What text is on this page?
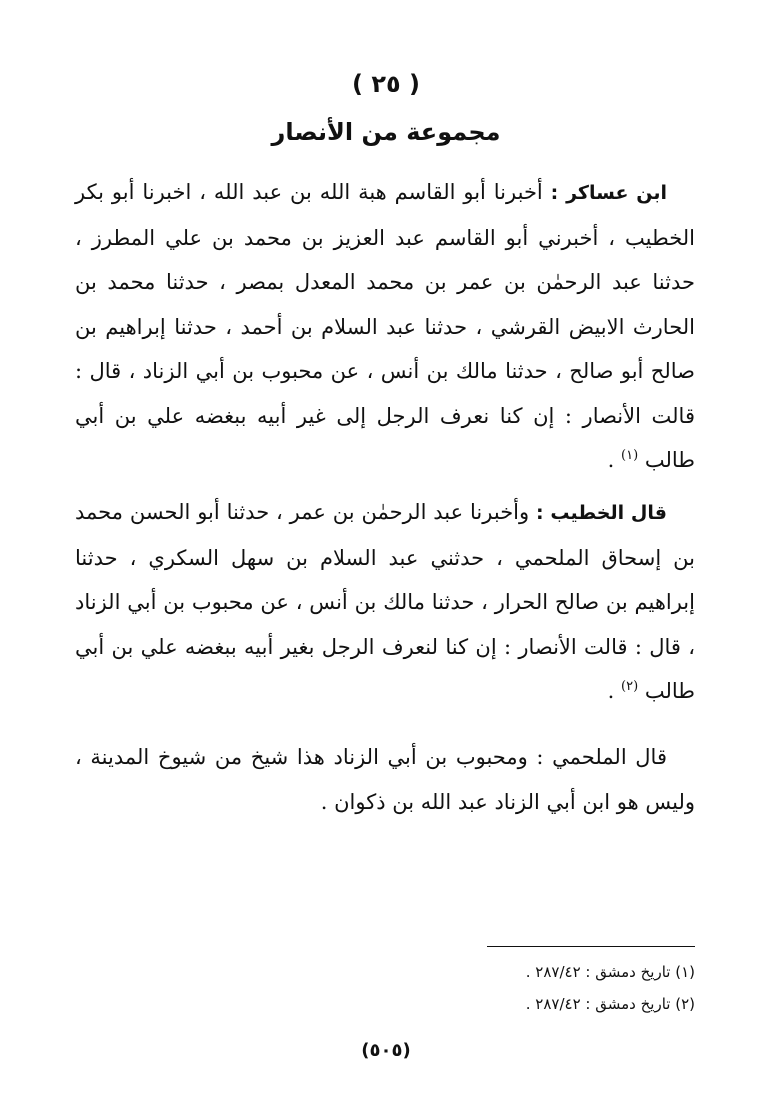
( ٢٥ )
مجموعة من الأنصار

ابن عساكر : أخبرنا أبو القاسم هبة الله بن عبد الله ، اخبرنا أبو بكر الخطيب ، أخبرني أبو القاسم عبد العزيز بن محمد بن علي المطرز ، حدثنا عبد الرحمٰن بن عمر بن محمد المعدل بمصر ، حدثنا محمد بن الحارث الابيض القرشي ، حدثنا عبد السلام بن أحمد ، حدثنا إبراهيم بن صالح أبو صالح ، حدثنا مالك بن أنس ، عن محبوب بن أبي الزناد ، قال : قالت الأنصار : إن كنا نعرف الرجل إلى غير أبيه ببغضه علي بن أبي طالب $^{(١)}$ .

قال الخطيب : وأخبرنا عبد الرحمٰن بن عمر ، حدثنا أبو الحسن محمد بن إسحاق الملحمي ، حدثني عبد السلام بن سهل السكري ، حدثنا إبراهيم بن صالح الحرار ، حدثنا مالك بن أنس ، عن محبوب بن أبي الزناد ، قال : قالت الأنصار : إن كنا لنعرف الرجل بغير أبيه ببغضه علي بن أبي طالب $^{(٢)}$ .

قال الملحمي : ومحبوب بن أبي الزناد هذا شيخ من شيوخ المدينة ، وليس هو ابن أبي الزناد عبد الله بن ذكوان .

(١) تاريخ دمشق : ٢٨٧/٤٢ .
(٢) تاريخ دمشق : ٢٨٧/٤٢ .
(٥٠٥)
